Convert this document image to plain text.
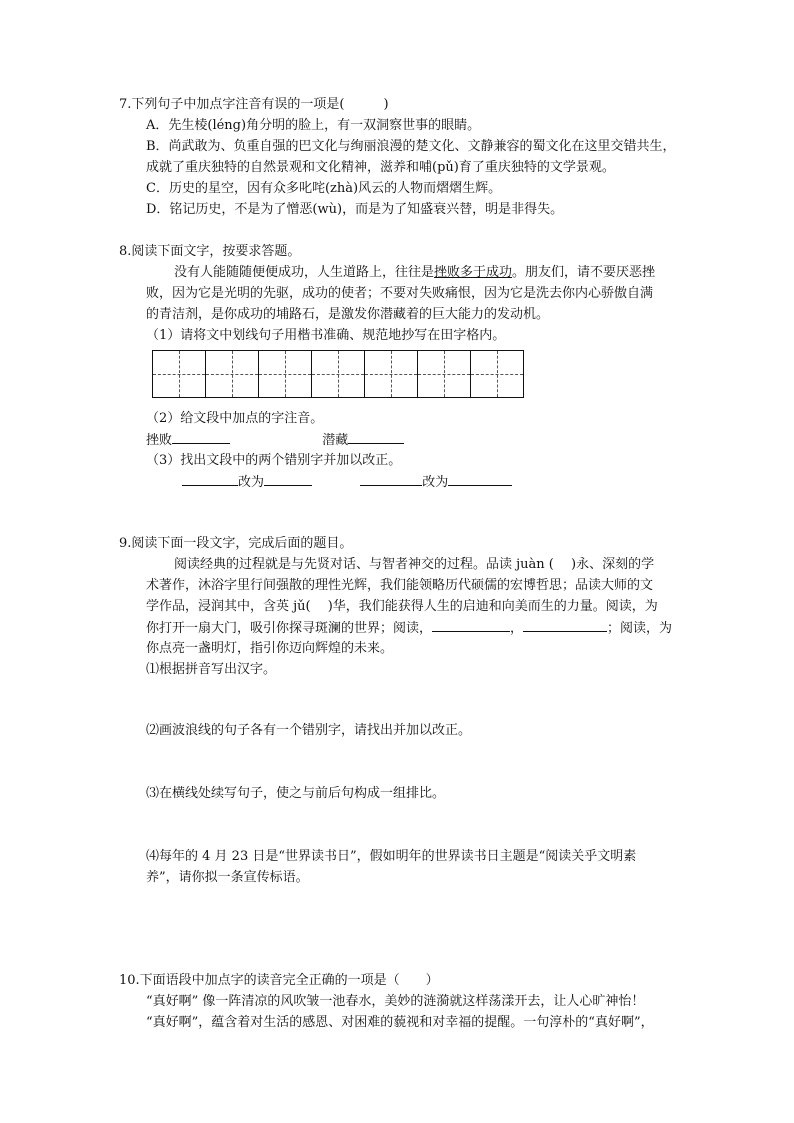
7.下列句子中加点字注音有误的一项是(　　　)
A．先生棱(léng)角分明的脸上，有一双洞察世事的眼睛。
B．尚武敢为、负重自强的巴文化与绚丽浪漫的楚文化、文静兼容的蜀文化在这里交错共生，
成就了重庆独特的自然景观和文化精神，滋养和哺(pǔ)育了重庆独特的文学景观。
C．历史的星空，因有众多叱咤(zhà)风云的人物而熠熠生辉。
D．铭记历史，不是为了憎恶(wù)，而是为了知盛衰兴替，明是非得失。
8.阅读下面文字，按要求答题。
没有人能随随便便成功，人生道路上，往往是挫败多于成功。朋友们，请不要厌恶挫
败，因为它是光明的先驱，成功的使者；不要对失败痛恨，因为它是洗去你内心骄傲自满
的青洁剂，是你成功的埔路石，是激发你潜藏着的巨大能力的发动机。
（1）请将文中划线句子用楷书准确、规范地抄写在田字格内。
（2）给文段中加点的字注音。
挫败	潜藏
（3）找出文段中的两个错别字并加以改正。
改为	改为
9.阅读下面一段文字，完成后面的题目。
阅读经典的过程就是与先贤对话、与智者神交的过程。品读 juàn (　 )永、深刻的学
术著作，沐浴字里行间强散的理性光辉，我们能领略历代硕儒的宏博哲思；品读大师的文
学作品，浸润其中，含英 jǔ(　 )华，我们能获得人生的启迪和向美而生的力量。阅读，为
你打开一扇大门，吸引你探寻斑澜的世界；阅读，	，	；阅读，为
你点亮一盏明灯，指引你迈向辉煌的未来。
⑴根据拼音写出汉字。
⑵画波浪线的句子各有一个错别字，请找出并加以改正。
⑶在横线处续写句子，使之与前后句构成一组排比。
⑷每年的 4 月 23 日是“世界读书日”，假如明年的世界读书日主题是“阅读关乎文明素
养”，请你拟一条宣传标语。
10.下面语段中加点字的读音完全正确的一项是（　　）
“真好啊” 像一阵清凉的风吹皱一池春水，美妙的涟漪就这样荡漾开去，让人心旷神怡！
“真好啊”，蕴含着对生活的感恩、对困难的藐视和对幸福的提醒。一句淳朴的“真好啊”，
